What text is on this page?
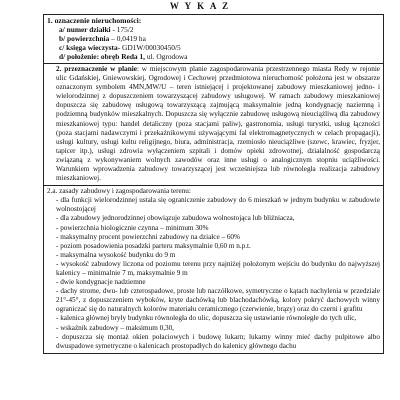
W Y K A Z
1. oznaczenie nieruchomości:
a/ numer działki - 175/2
b/ powierzchnia – 0,0419 ha
c/ księga wieczysta- GD1W/00030450/5
d/ położenie: obręb Reda 1, ul. Ogrodowa

2. przeznaczenie w planie: w miejscowym planie zagospodarowania przestrzennego miasta Redy w rejonie ulic Gdańskiej, Gniewowskiej, Ogrodowej i Cechowej przedmiotowa nieruchomość położona jest w obszarze oznaczonym symbolem 4MN,MW/U – teren istniejącej i projektowanej zabudowy mieszkaniowej jedno- i wielorodzinnej z dopuszczeniem towarzyszącej zabudowy usługowej. W ramach zabudowy mieszkaniowej dopuszcza się zabudowę usługową towarzyszącą zajmującą maksymalnie jedną kondygnację naziemną i podziemną budynków mieszkalnych. Dopuszcza się wyłącznie zabudowę usługową nieuciążliwą dla zabudowy mieszkaniowej typu: handel detaliczny (poza stacjami paliw), gastronomia, usługi turystki, usług łączności (poza stacjami nadawczymi i przekaźnikowymi używającymi fal elektromagnetycznych w celach propagacji), usługi kultury, usługi kultu religijnego, biura, administracja, rzemiosło nieuciążliwe (szewc, krawiec, fryzjer, tapicer itp.), usługi zdrowia wyłączeniem szpitali i domów opieki zdrowotnej, działalność gospodarczą związaną z wykonywaniem wolnych zawodów oraz inne usługi o analogicznym stopniu uciążliwości. Warunkiem wprowadzenia zabudowy towarzyszącej jest wcześniejsza lub równoległa realizacja zabudowy mieszkaniowej.

2.a. zasady zabudowy i zagospodarowania terenu:

- dla funkcji wielorodzinnej ustala się ograniczenie zabudowy do 6 mieszkań w jednym budynku w zabudowie wolnostojącej

- dla zabudowy jednorodzinnej obowiązuje zabudowa wolnostojąca lub bliźniacza,

- powierzchnia biologicznie czynna – minimum 30%

- maksymalny procent powierzchni zabudowy na działce – 60%

- poziom posadowienia posadzki parteru maksymalnie 0,60 m n.p.t.

- maksymalna wysokość budynku do 9 m

- wysokość zabudowy liczona od poziomu terenu przy najniżej położonym wejściu do budynku do najwyższej kalenicy – minimalnie 7 m, maksymalnie 9 m

- dwie kondygnacje nadziemne

- dachy strome, dwu- lub czterospadowe, proste lub naczółkowe, symetryczne o kątach nachylenia w przedziale 21°-45°, z dopuszczeniem wyboków, kryte dachówką lub blachodachówką, kolory pokryć dachowych winny ograniczać się do naturalnych kolorów materiału ceramicznego (czerwienie, brązy) oraz do czerni i grafitu

- kalenica głównej bryły budynku równoległa do ulic, dopuszcza się ustawianie równoległe do tych ulic,

- wskaźnik zabudowy – maksimum 0,30,

- dopuszcza się montaż okien połaciowych i budowę lukarn; lukarny winny mieć dachy pulpitowe albo dwuspadowe symetryczne o kalenicach prostopadłych do kalenicy głównego dachu
